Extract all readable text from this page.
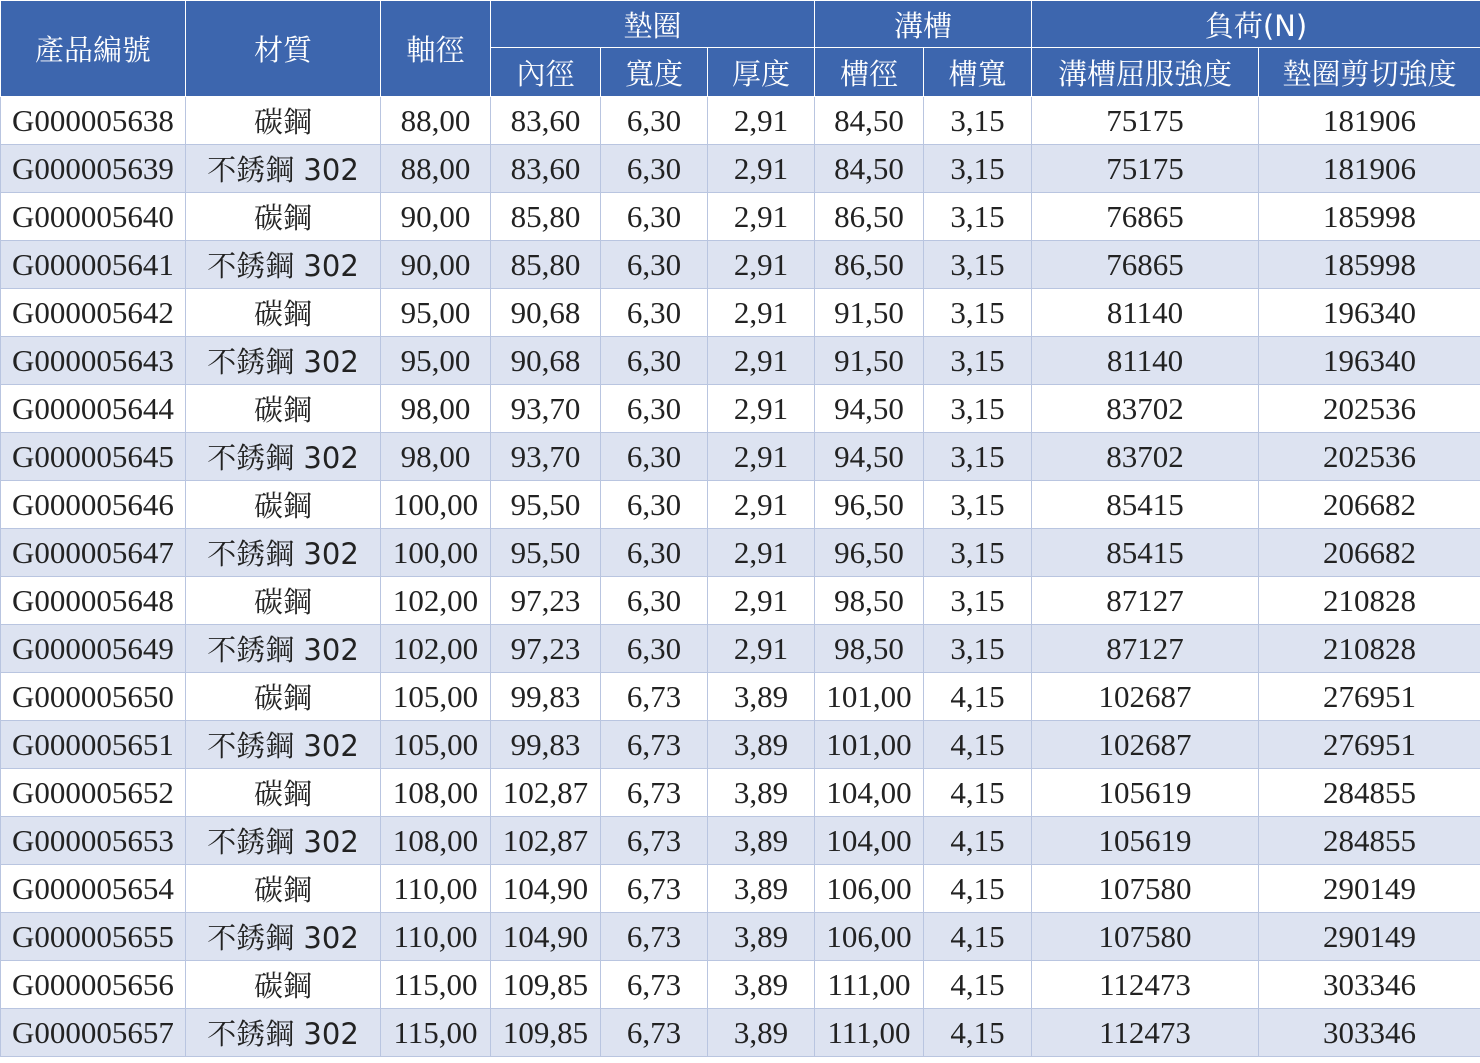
產品編號	材質	軸徑	墊圈			溝槽		負荷(N)	
			內徑	寬度	厚度	槽徑	槽寬	溝槽屈服強度	墊圈剪切強度
G000005638	碳鋼	88,00	83,60	6,30	2,91	84,50	3,15	75175	181906
G000005639	不銹鋼 302	88,00	83,60	6,30	2,91	84,50	3,15	75175	181906
G000005640	碳鋼	90,00	85,80	6,30	2,91	86,50	3,15	76865	185998
G000005641	不銹鋼 302	90,00	85,80	6,30	2,91	86,50	3,15	76865	185998
G000005642	碳鋼	95,00	90,68	6,30	2,91	91,50	3,15	81140	196340
G000005643	不銹鋼 302	95,00	90,68	6,30	2,91	91,50	3,15	81140	196340
G000005644	碳鋼	98,00	93,70	6,30	2,91	94,50	3,15	83702	202536
G000005645	不銹鋼 302	98,00	93,70	6,30	2,91	94,50	3,15	83702	202536
G000005646	碳鋼	100,00	95,50	6,30	2,91	96,50	3,15	85415	206682
G000005647	不銹鋼 302	100,00	95,50	6,30	2,91	96,50	3,15	85415	206682
G000005648	碳鋼	102,00	97,23	6,30	2,91	98,50	3,15	87127	210828
G000005649	不銹鋼 302	102,00	97,23	6,30	2,91	98,50	3,15	87127	210828
G000005650	碳鋼	105,00	99,83	6,73	3,89	101,00	4,15	102687	276951
G000005651	不銹鋼 302	105,00	99,83	6,73	3,89	101,00	4,15	102687	276951
G000005652	碳鋼	108,00	102,87	6,73	3,89	104,00	4,15	105619	284855
G000005653	不銹鋼 302	108,00	102,87	6,73	3,89	104,00	4,15	105619	284855
G000005654	碳鋼	110,00	104,90	6,73	3,89	106,00	4,15	107580	290149
G000005655	不銹鋼 302	110,00	104,90	6,73	3,89	106,00	4,15	107580	290149
G000005656	碳鋼	115,00	109,85	6,73	3,89	111,00	4,15	112473	303346
G000005657	不銹鋼 302	115,00	109,85	6,73	3,89	111,00	4,15	112473	303346
